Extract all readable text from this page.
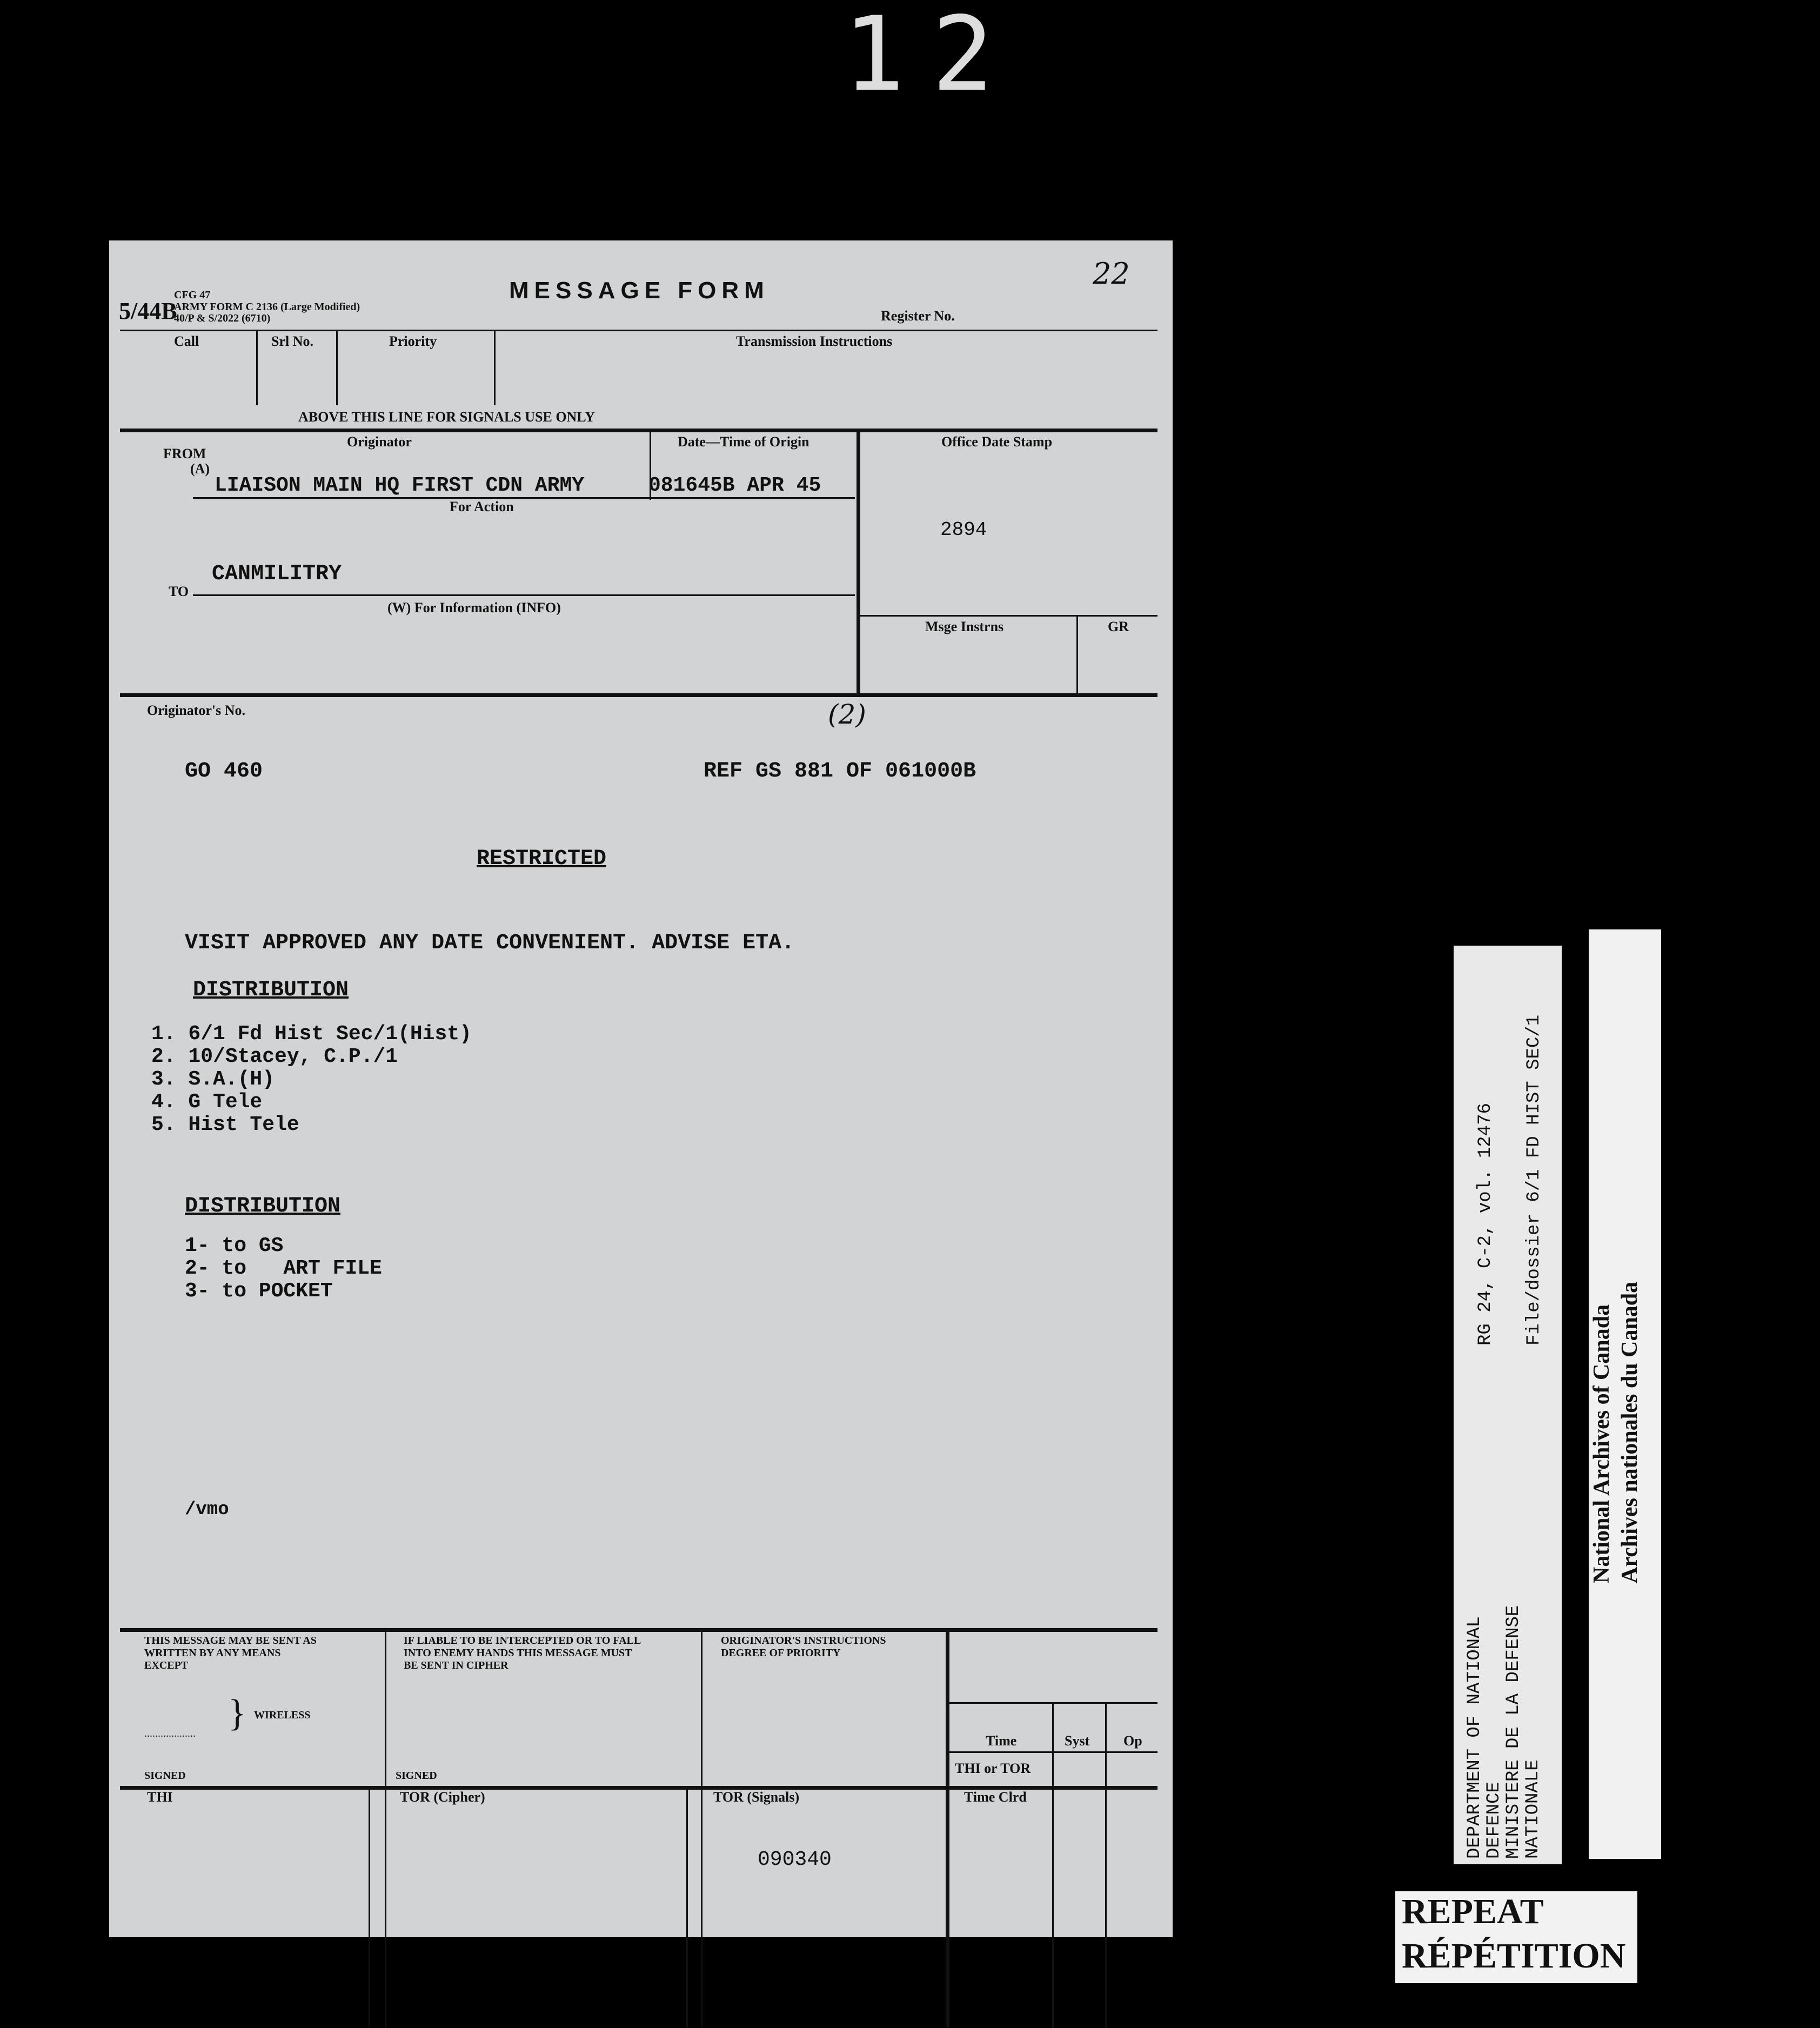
12
MESSAGE FORM	22
5/44B
CFG 47
ARMY FORM C 2136 (Large Modified)
40/P & S/2022 (6710)	Register No.
Call	Srl No.	Priority	Transmission Instructions
ABOVE THIS LINE FOR SIGNALS USE ONLY
Originator	Date—Time of Origin	Office Date Stamp
FROM
(A)
LIAISON MAIN HQ FIRST CDN ARMY	081645B APR 45
For Action
2894
CANMILITRY
TO
(W) For Information (INFO)
Msge Instrns	GR
Originator's No.	(2)
GO 460	REF GS 881 OF 061000B
RESTRICTED
VISIT APPROVED ANY DATE CONVENIENT. ADVISE ETA.
DISTRIBUTION
1. 6/1 Fd Hist Sec/1(Hist)
2. 10/Stacey, C.P./1
3. S.A.(H)
4. G Tele
5. Hist Tele
DISTRIBUTION
1- to GS
2- to   ART FILE
3- to POCKET
/vmo
THIS MESSAGE MAY BE SENT AS
WRITTEN BY ANY MEANS
EXCEPT
................... } WIRELESS
SIGNED
IF LIABLE TO BE INTERCEPTED OR TO FALL
INTO ENEMY HANDS THIS MESSAGE MUST
BE SENT IN CIPHER
SIGNED
ORIGINATOR'S INSTRUCTIONS
DEGREE OF PRIORITY
Time	Syst Op
THI or TOR
Time Clrd
THI	TOR (Cipher)	TOR (Signals)
090340
DEPARTMENT OF NATIONAL
DEFENCE
MINISTERE DE LA DEFENSE
NATIONALE
RG 24, C-2, vol. 12476 File/dossier 6/1 FD HIST SEC/1
National Archives of Canada Archives nationales du Canada
REPEAT
RÉPÉTITION
